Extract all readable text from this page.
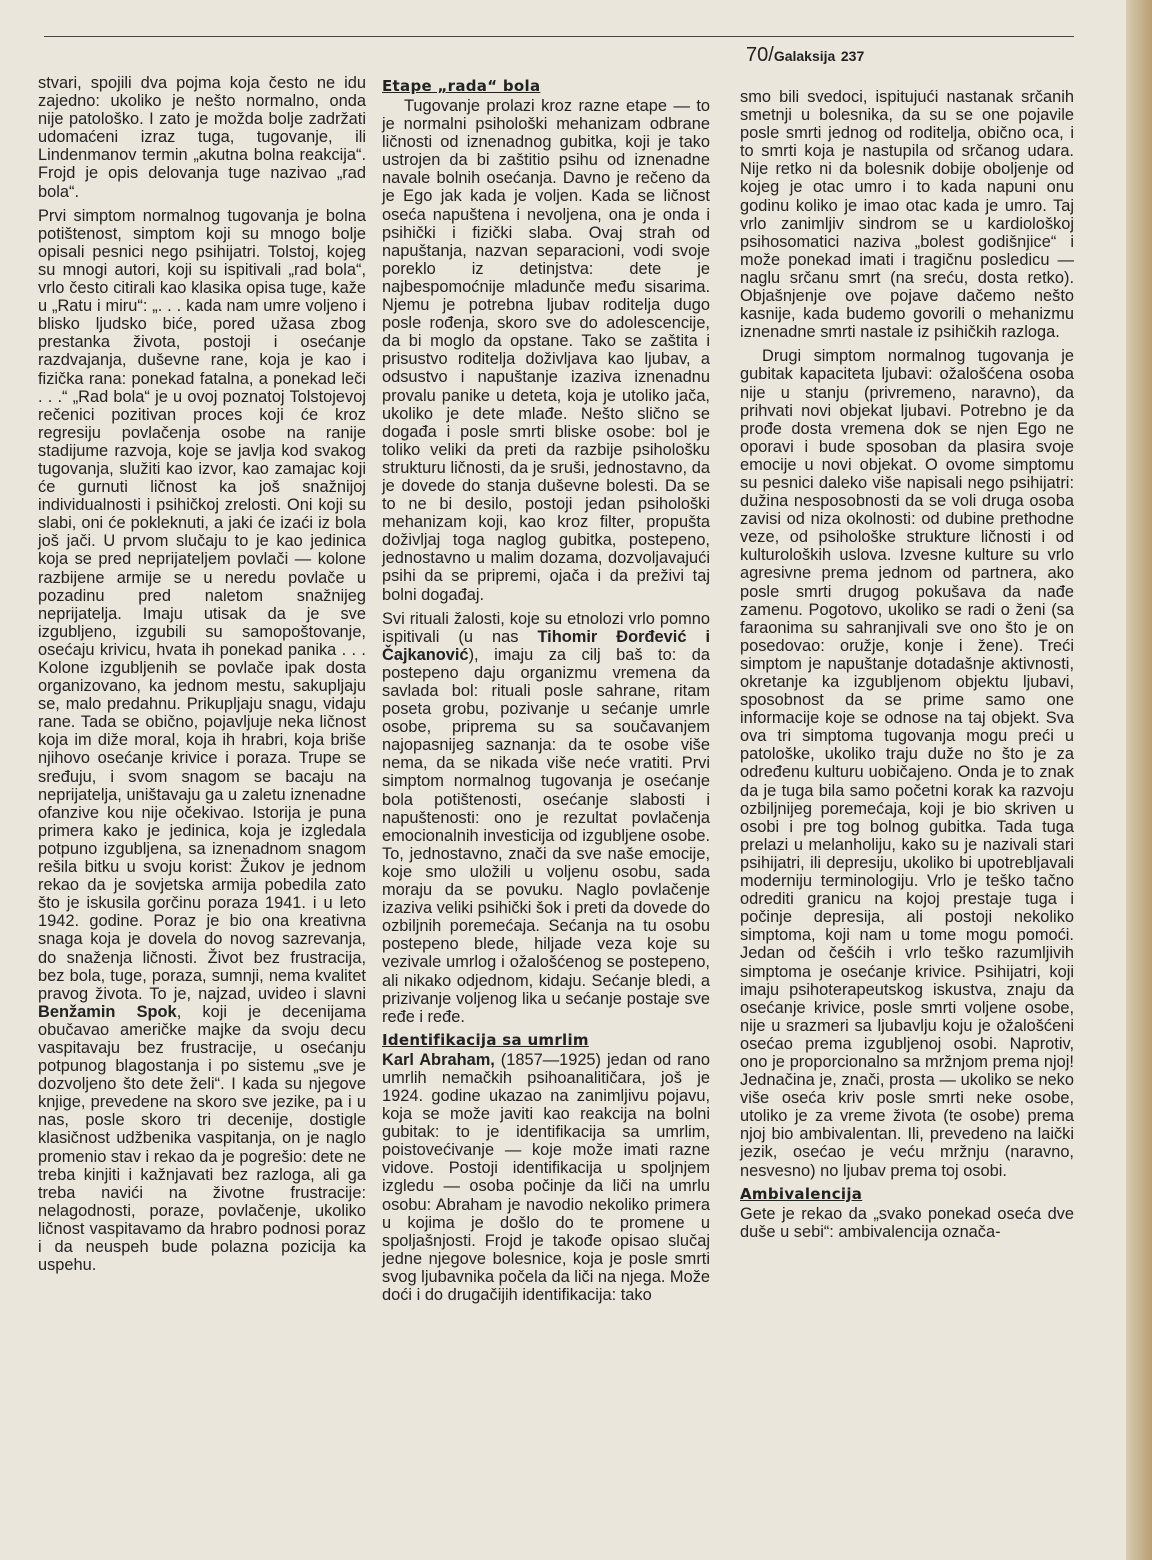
70/Galaksija 237

stvari, spojili dva pojma koja često ne idu zajedno: ukoliko je nešto normalno, onda nije patološko. I zato je možda bolje zadržati udomaćeni izraz tuga, tugovanje, ili Lindenmanov termin „akutna bolna reakcija“. Frojd je opis delovanja tuge nazivao „rad bola“.

Prvi simptom normalnog tugovanja je bolna potištenost, simptom koji su mnogo bolje opisali pesnici nego psihijatri. Tolstoj, kojeg su mnogi autori, koji su ispitivali „rad bola“, vrlo često citirali kao klasika opisa tuge, kaže u „Ratu i miru“: „. . . kada nam umre voljeno i blisko ljudsko biće, pored užasa zbog prestanka života, postoji i osećanje razdvajanja, duševne rane, koja je kao i fizička rana: ponekad fatalna, a ponekad leči . . .“ „Rad bola“ je u ovoj poznatoj Tolstojevoj rečenici pozitivan proces koji će kroz regresiju povlačenja osobe na ranije stadijume razvoja, koje se javlja kod svakog tugovanja, služiti kao izvor, kao zamajac koji će gurnuti ličnost ka još snažnijoj individualnosti i psihičkoj zrelosti. Oni koji su slabi, oni će pokleknuti, a jaki će izaći iz bola još jači. U prvom slučaju to je kao jedinica koja se pred neprijateljem povlači — kolone razbijene armije se u neredu povlače u pozadinu pred naletom snažnijeg neprijatelja. Imaju utisak da je sve izgubljeno, izgubili su samopoštovanje, osećaju krivicu, hvata ih ponekad panika . . . Kolone izgubljenih se povlače ipak dosta organizovano, ka jednom mestu, sakupljaju se, malo predahnu. Prikupljaju snagu, vidaju rane. Tada se obično, pojavljuje neka ličnost koja im diže moral, koja ih hrabri, koja briše njihovo osećanje krivice i poraza. Trupe se sređuju, i svom snagom se bacaju na neprijatelja, uništavaju ga u zaletu iznenadne ofanzive kou nije očekivao. Istorija je puna primera kako je jedinica, koja je izgledala potpuno izgubljena, sa iznenadnom snagom rešila bitku u svoju korist: Žukov je jednom rekao da je sovjetska armija pobedila zato što je iskusila gorčinu poraza 1941. i u leto 1942. godine. Poraz je bio ona kreativna snaga koja je dovela do novog sazrevanja, do snaženja ličnosti. Život bez frustracija, bez bola, tuge, poraza, sumnji, nema kvalitet pravog života. To je, najzad, uvideo i slavni Benžamin Spok, koji je decenijama obučavao američke majke da svoju decu vaspitavaju bez frustracije, u osećanju potpunog blagostanja i po sistemu „sve je dozvoljeno što dete želi“. I kada su njegove knjige, prevedene na skoro sve jezike, pa i u nas, posle skoro tri decenije, dostigle klasičnost udžbenika vaspitanja, on je naglo promenio stav i rekao da je pogrešio: dete ne treba kinjiti i kažnjavati bez razloga, ali ga treba navići na životne frustracije: nelagodnosti, poraze, povlačenje, ukoliko ličnost vaspitavamo da hrabro podnosi poraz i da neuspeh bude polazna pozicija ka uspehu.

Etape „rada“ bola

Tugovanje prolazi kroz razne etape — to je normalni psihološki mehanizam odbrane ličnosti od iznenadnog gubitka, koji je tako ustrojen da bi zaštitio psihu od iznenadne navale bolnih osećanja. Davno je rečeno da je Ego jak kada je voljen. Kada se ličnost oseća napuštena i nevoljena, ona je onda i psihički i fizički slaba. Ovaj strah od napuštanja, nazvan separacioni, vodi svoje poreklo iz detinjstva: dete je najbespomoćnije mladunče među sisarima. Njemu je potrebna ljubav roditelja dugo posle rođenja, skoro sve do adolescencije, da bi moglo da opstane. Tako se zaštita i prisustvo roditelja doživljava kao ljubav, a odsustvo i napuštanje izaziva iznenadnu provalu panike u deteta, koja je utoliko jača, ukoliko je dete mlađe. Nešto slično se događa i posle smrti bliske osobe: bol je toliko veliki da preti da razbije psihološku strukturu ličnosti, da je sruši, jednostavno, da je dovede do stanja duševne bolesti. Da se to ne bi desilo, postoji jedan psihološki mehanizam koji, kao kroz filter, propušta doživljaj toga naglog gubitka, postepeno, jednostavno u malim dozama, dozvoljavajući psihi da se pripremi, ojača i da preživi taj bolni događaj.

Svi rituali žalosti, koje su etnolozi vrlo pomno ispitivali (u nas Tihomir Đorđević i Čajkanović), imaju za cilj baš to: da postepeno daju organizmu vremena da savlada bol: rituali posle sahrane, ritam poseta grobu, pozivanje u sećanje umrle osobe, priprema su sa součavanjem najopasnijeg saznanja: da te osobe više nema, da se nikada više neće vratiti. Prvi simptom normalnog tugovanja je osećanje bola potištenosti, osećanje slabosti i napuštenosti: ono je rezultat povlačenja emocionalnih investicija od izgubljene osobe. To, jednostavno, znači da sve naše emocije, koje smo uložili u voljenu osobu, sada moraju da se povuku. Naglo povlačenje izaziva veliki psihički šok i preti da dovede do ozbiljnih poremećaja. Sećanja na tu osobu postepeno blede, hiljade veza koje su vezivale umrlog i ožalošćenog se postepeno, ali nikako odjednom, kidaju. Sećanje bledi, a prizivanje voljenog lika u sećanje postaje sve ređe i ređe.

Identifikacija sa umrlim

Karl Abraham, (1857—1925) jedan od rano umrlih nemačkih psihoanalitičara, još je 1924. godine ukazao na zanimljivu pojavu, koja se može javiti kao reakcija na bolni gubitak: to je identifikacija sa umrlim, poistovećivanje — koje može imati razne vidove. Postoji identifikacija u spoljnjem izgledu — osoba počinje da liči na umrlu osobu: Abraham je navodio nekoliko primera u kojima je došlo do te promene u spoljašnjosti. Frojd je takođe opisao slučaj jedne njegove bolesnice, koja je posle smrti svog ljubavnika počela da liči na njega. Može doći i do drugačijih identifikacija: tako

smo bili svedoci, ispitujući nastanak srčanih smetnji u bolesnika, da su se one pojavile posle smrti jednog od roditelja, obično oca, i to smrti koja je nastupila od srčanog udara. Nije retko ni da bolesnik dobije oboljenje od kojeg je otac umro i to kada napuni onu godinu koliko je imao otac kada je umro. Taj vrlo zanimljiv sindrom se u kardiološkoj psihosomatici naziva „bolest godišnjice“ i može ponekad imati i tragičnu posledicu — naglu srčanu smrt (na sreću, dosta retko). Objašnjenje ove pojave dačemo nešto kasnije, kada budemo govorili o mehanizmu iznenadne smrti nastale iz psihičkih razloga.

Drugi simptom normalnog tugovanja je gubitak kapaciteta ljubavi: ožalošćena osoba nije u stanju (privremeno, naravno), da prihvati novi objekat ljubavi. Potrebno je da prođe dosta vremena dok se njen Ego ne oporavi i bude sposoban da plasira svoje emocije u novi objekat. O ovome simptomu su pesnici daleko više napisali nego psihijatri: dužina nesposobnosti da se voli druga osoba zavisi od niza okolnosti: od dubine prethodne veze, od psihološke strukture ličnosti i od kulturoloških uslova. Izvesne kulture su vrlo agresivne prema jednom od partnera, ako posle smrti drugog pokušava da nađe zamenu. Pogotovo, ukoliko se radi o ženi (sa faraonima su sahranjivali sve ono što je on posedovao: oružje, konje i žene). Treći simptom je napuštanje dotadašnje aktivnosti, okretanje ka izgubljenom objektu ljubavi, sposobnost da se prime samo one informacije koje se odnose na taj objekt. Sva ova tri simptoma tugovanja mogu preći u patološke, ukoliko traju duže no što je za određenu kulturu uobičajeno. Onda je to znak da je tuga bila samo početni korak ka razvoju ozbiljnijeg poremećaja, koji je bio skriven u osobi i pre tog bolnog gubitka. Tada tuga prelazi u melanholiju, kako su je nazivali stari psihijatri, ili depresiju, ukoliko bi upotrebljavali moderniju terminologiju. Vrlo je teško tačno odrediti granicu na kojoj prestaje tuga i počinje depresija, ali postoji nekoliko simptoma, koji nam u tome mogu pomoći. Jedan od češćih i vrlo teško razumljivih simptoma je osećanje krivice. Psihijatri, koji imaju psihoterapeutskog iskustva, znaju da osećanje krivice, posle smrti voljene osobe, nije u srazmeri sa ljubavlju koju je ožalošćeni osećao prema izgubljenoj osobi. Naprotiv, ono je proporcionalno sa mržnjom prema njoj! Jednačina je, znači, prosta — ukoliko se neko više oseća kriv posle smrti neke osobe, utoliko je za vreme života (te osobe) prema njoj bio ambivalentan. Ili, prevedeno na laički jezik, osećao je veću mržnju (naravno, nesvesno) no ljubav prema toj osobi.

Ambivalencija

Gete je rekao da „svako ponekad oseća dve duše u sebi“: ambivalencija označa-
